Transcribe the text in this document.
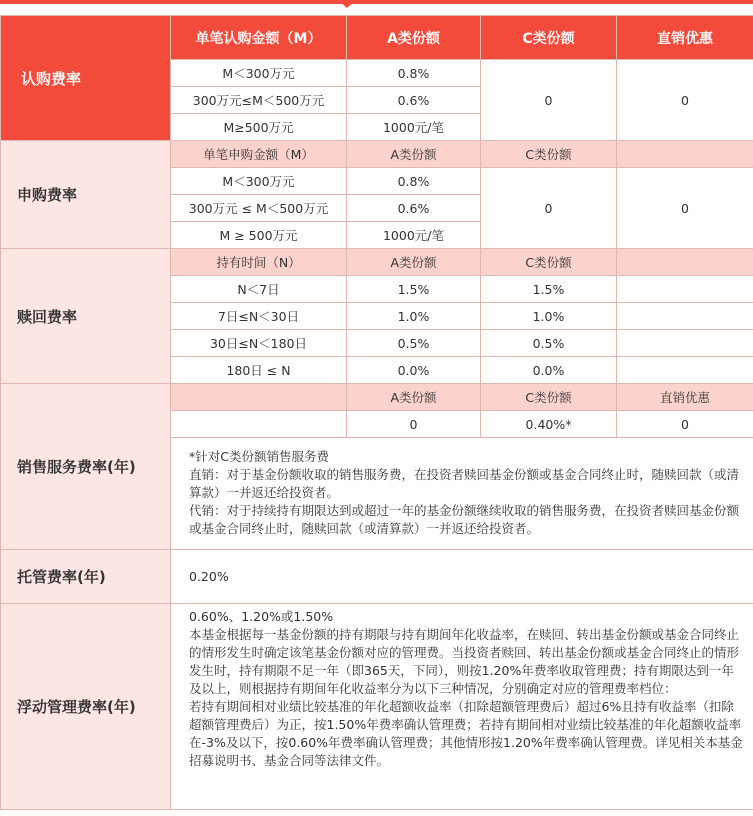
认购费率	单笔认购金额（M）	A类份额	C类份额	直销优惠
	M＜300万元	0.8%	0	0
	300万元≤M＜500万元	0.6%		
	M≥500万元	1000元/笔		
申购费率	单笔申购金额（M）	A类份额	C类份额	
	M＜300万元	0.8%	0	0
	300万元 ≤ M＜500万元	0.6%		
	M ≥ 500万元	1000元/笔		
赎回费率	持有时间（N）	A类份额	C类份额	
	N＜7日	1.5%	1.5%	
	7日≤N＜30日	1.0%	1.0%	
	30日≤N＜180日	0.5%	0.5%	
	180日 ≤ N	0.0%	0.0%	
销售服务费率(年)		A类份额	C类份额	直销优惠
		0	0.40%*	0

	*针对C类份额销售服务费
直销：对于基金份额收取的销售服务费，在投资者赎回基金份额或基金合同终止时，随赎回款（或清算款）一并返还给投资者。
代销：对于持续持有期限达到或超过一年的基金份额继续收取的销售服务费，在投资者赎回基金份额或基金合同终止时，随赎回款（或清算款）一并返还给投资者。			

托管费率(年)	0.20%			
浮动管理费率(年)	0.60%、1.20%或1.50%
本基金根据每一基金份额的持有期限与持有期间年化收益率，在赎回、转出基金份额或基金合同终止的情形发生时确定该笔基金份额对应的管理费。当投资者赎回、转出基金份额或基金合同终止的情形发生时，持有期限不足一年（即365天，下同），则按1.20%年费率收取管理费；持有期限达到一年及以上，则根据持有期间年化收益率分为以下三种情况，分别确定对应的管理费率档位：
若持有期间相对业绩比较基准的年化超额收益率（扣除超额管理费后）超过6%且持有收益率（扣除超额管理费后）为正，按1.50%年费率确认管理费；若持有期间相对业绩比较基准的年化超额收益率在-3%及以下，按0.60%年费率确认管理费；其他情形按1.20%年费率确认管理费。详见相关本基金招募说明书、基金合同等法律文件。			
